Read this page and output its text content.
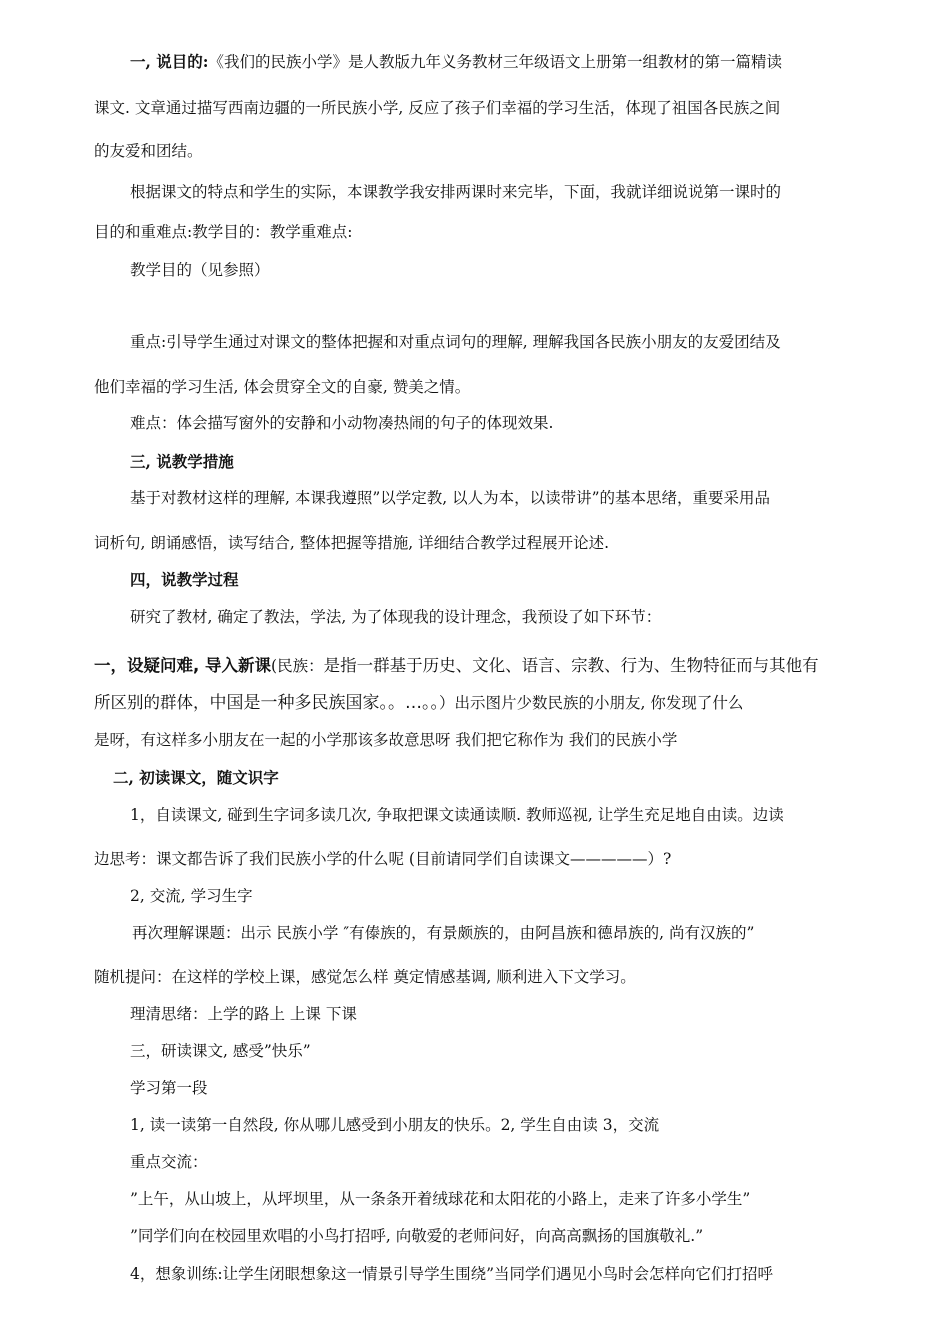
一, 说目的:《我们的民族小学》是人教版九年义务教材三年级语文上册第一组教材的第一篇精读
课文. 文章通过描写西南边疆的一所民族小学, 反应了孩子们幸福的学习生活，体现了祖国各民族之间
的友爱和团结。
根据课文的特点和学生的实际，本课教学我安排两课时来完毕，下面，我就详细说说第一课时的
目的和重难点:教学目的：教学重难点:
教学目的（见参照）
重点:引导学生通过对课文的整体把握和对重点词句的理解, 理解我国各民族小朋友的友爱团结及
他们幸福的学习生活, 体会贯穿全文的自豪, 赞美之情。
难点：体会描写窗外的安静和小动物凑热闹的句子的体现效果.
三, 说教学措施
基于对教材这样的理解, 本课我遵照”以学定教, 以人为本，以读带讲”的基本思绪，重要采用品
词析句, 朗诵感悟，读写结合, 整体把握等措施, 详细结合教学过程展开论述.
四，说教学过程
研究了教材, 确定了教法，学法, 为了体现我的设计理念，我预设了如下环节：
一，设疑问难, 导入新课(民族：是指一群基于历史、文化、语言、宗教、行为、生物特征而与其他有
所区别的群体，中国是一种多民族国家。。…。。）出示图片少数民族的小朋友, 你发现了什么
是呀，有这样多小朋友在一起的小学那该多故意思呀 我们把它称作为 我们的民族小学
二, 初读课文，随文识字
1，自读课文, 碰到生字词多读几次, 争取把课文读通读顺. 教师巡视, 让学生充足地自由读。边读
边思考：课文都告诉了我们民族小学的什么呢 (目前请同学们自读课文—————）?
2, 交流, 学习生字
再次理解课题：出示 民族小学 ″有傣族的，有景颇族的，由阿昌族和德昂族的, 尚有汉族的”
随机提问：在这样的学校上课，感觉怎么样 奠定情感基调, 顺利进入下文学习。
理清思绪：上学的路上 上课 下课
三，研读课文, 感受”快乐”
学习第一段
1, 读一读第一自然段, 你从哪儿感受到小朋友的快乐。2, 学生自由读 3，交流
重点交流：
”上午，从山坡上，从坪坝里，从一条条开着绒球花和太阳花的小路上，走来了许多小学生”
”同学们向在校园里欢唱的小鸟打招呼, 向敬爱的老师问好，向高高飘扬的国旗敬礼.”
4，想象训练:让学生闭眼想象这一情景引导学生围绕”当同学们遇见小鸟时会怎样向它们打招呼
